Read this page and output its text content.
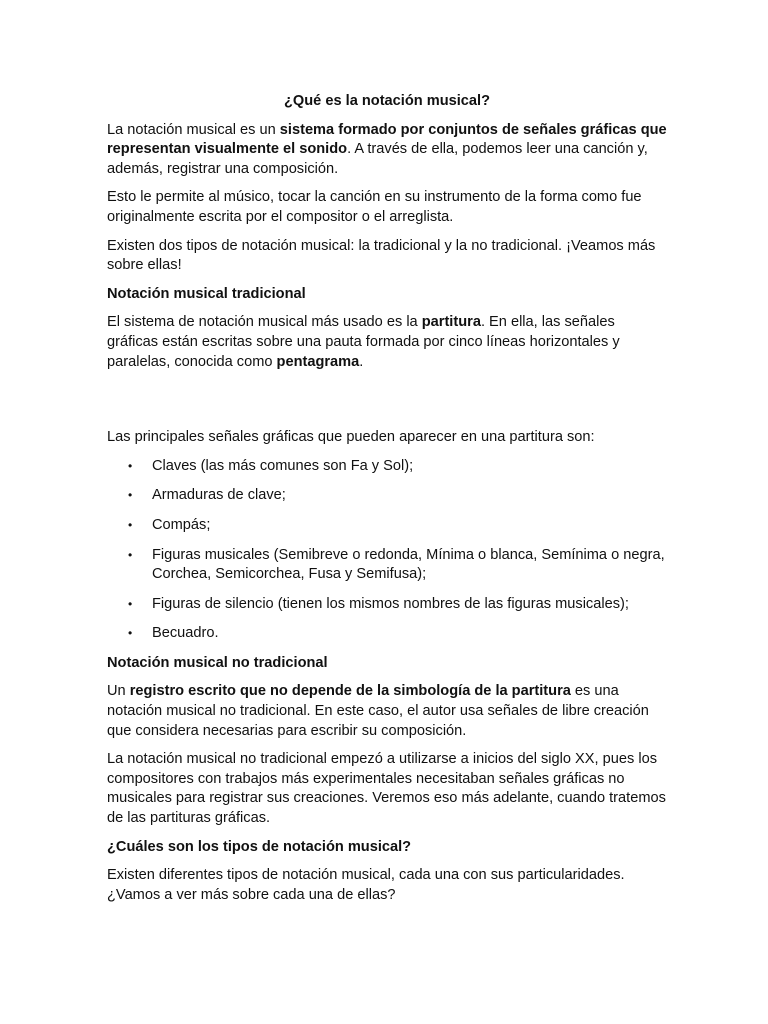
¿Qué es la notación musical?

La notación musical es un sistema formado por conjuntos de señales gráficas que representan visualmente el sonido. A través de ella, podemos leer una canción y, además, registrar una composición.

Esto le permite al músico, tocar la canción en su instrumento de la forma como fue originalmente escrita por el compositor o el arreglista.

Existen dos tipos de notación musical: la tradicional y la no tradicional. ¡Veamos más sobre ellas!

Notación musical tradicional

El sistema de notación musical más usado es la partitura. En ella, las señales gráficas están escritas sobre una pauta formada por cinco líneas horizontales y paralelas, conocida como pentagrama.

Las principales señales gráficas que pueden aparecer en una partitura son:

• Claves (las más comunes son Fa y Sol);
• Armaduras de clave;
• Compás;
• Figuras musicales (Semibreve o redonda, Mínima o blanca, Semínima o negra, Corchea, Semicorchea, Fusa y Semifusa);
• Figuras de silencio (tienen los mismos nombres de las figuras musicales);
• Becuadro.
Notación musical no tradicional

Un registro escrito que no depende de la simbología de la partitura es una notación musical no tradicional. En este caso, el autor usa señales de libre creación que considera necesarias para escribir su composición.

La notación musical no tradicional empezó a utilizarse a inicios del siglo XX, pues los compositores con trabajos más experimentales necesitaban señales gráficas no musicales para registrar sus creaciones. Veremos eso más adelante, cuando tratemos de las partituras gráficas.

¿Cuáles son los tipos de notación musical?

Existen diferentes tipos de notación musical, cada una con sus particularidades. ¿Vamos a ver más sobre cada una de ellas?
